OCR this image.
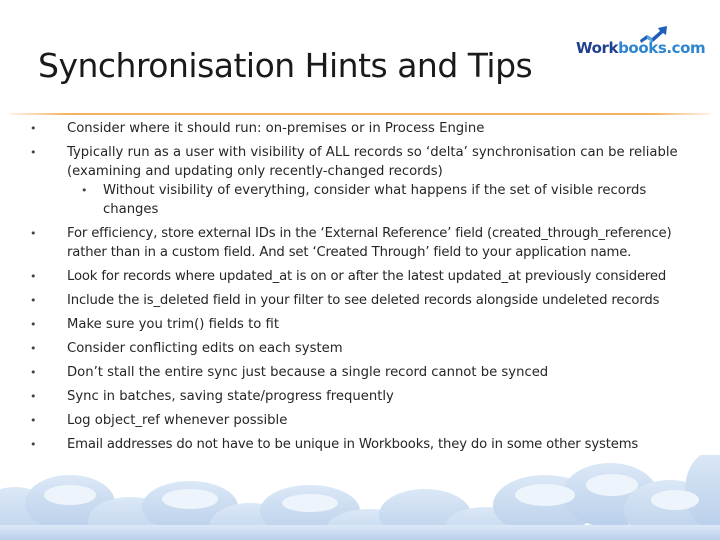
Synchronisation Hints and Tips	Workbooks.com
• Consider where it should run: on-premises or in Process Engine
• Typically run as a user with visibility of ALL records so ‘delta’ synchronisation can be reliable (examining and updating only recently-changed records)
• Without visibility of everything, consider what happens if the set of visible records changes
• For efficiency, store external IDs in the ‘External Reference’ field (created_through_reference) rather than in a custom field. And set ‘Created Through’ field to your application name.
• Look for records where updated_at is on or after the latest updated_at previously considered
• Include the is_deleted field in your filter to see deleted records alongside undeleted records
• Make sure you trim() fields to fit
• Consider conflicting edits on each system
• Don’t stall the entire sync just because a single record cannot be synced
• Sync in batches, saving state/progress frequently
• Log object_ref whenever possible
• Email addresses do not have to be unique in Workbooks, they do in some other systems
